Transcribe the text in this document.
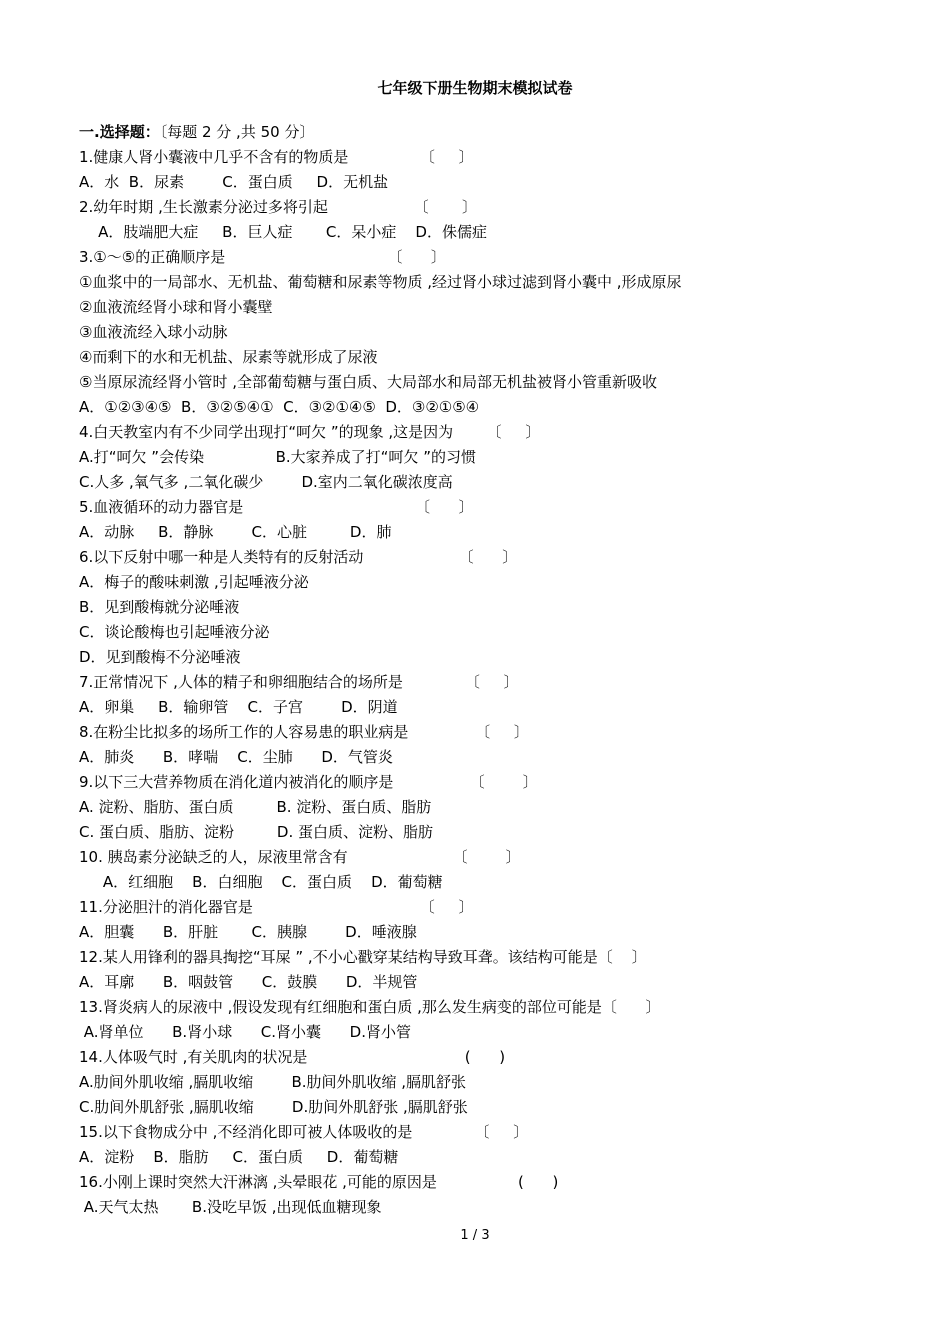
七年级下册生物期末模拟试卷
一.选择题：〔每题 2 分 ,共 50 分〕
1.健康人肾小囊液中几乎不含有的物质是               〔     〕
A．水  B．尿素        C．蛋白质     D．无机盐
2.幼年时期 ,生长激素分泌过多将引起                  〔       〕
A．肢端肥大症     B．巨人症       C．呆小症    D．侏儒症
3.①～⑤的正确顺序是                                  〔      〕
①血浆中的一局部水、无机盐、葡萄糖和尿素等物质 ,经过肾小球过滤到肾小囊中 ,形成原尿
②血液流经肾小球和肾小囊壁
③血液流经入球小动脉
④而剩下的水和无机盐、尿素等就形成了尿液
⑤当原尿流经肾小管时 ,全部葡萄糖与蛋白质、大局部水和局部无机盐被肾小管重新吸收
A．①②③④⑤  B．③②⑤④①  C．③②①④⑤  D．③②①⑤④
4.白天教室内有不少同学出现打“呵欠 ”的现象 ,这是因为       〔     〕
A.打“呵欠 ”会传染               B.大家养成了打“呵欠 ”的习惯
C.人多 ,氧气多 ,二氧化碳少        D.室内二氧化碳浓度高
5.血液循环的动力器官是                                    〔      〕
A．动脉     B．静脉        C．心脏         D．肺
6.以下反射中哪一种是人类特有的反射活动                    〔      〕
A．梅子的酸味刺激 ,引起唾液分泌
B．见到酸梅就分泌唾液
C．谈论酸梅也引起唾液分泌
D．见到酸梅不分泌唾液
7.正常情况下 ,人体的精子和卵细胞结合的场所是             〔     〕
A．卵巢     B．输卵管    C．子宫        D．阴道
8.在粉尘比拟多的场所工作的人容易患的职业病是              〔     〕
A．肺炎      B．哮喘    C．尘肺      D．气管炎
9.以下三大营养物质在消化道内被消化的顺序是                〔        〕
A. 淀粉、脂肪、蛋白质         B. 淀粉、蛋白质、脂肪
C. 蛋白质、脂肪、淀粉         D. 蛋白质、淀粉、脂肪
10. 胰岛素分泌缺乏的人，尿液里常含有                      〔        〕
A．红细胞    B．白细胞    C．蛋白质    D．葡萄糖
11.分泌胆汁的消化器官是                                   〔     〕
A．胆囊      B．肝脏       C．胰腺        D．唾液腺
12.某人用锋利的器具掏挖“耳屎 ” ,不小心戳穿某结构导致耳聋。该结构可能是〔    〕
A．耳廓      B．咽鼓管      C．鼓膜      D．半规管
13.肾炎病人的尿液中 ,假设发现有红细胞和蛋白质 ,那么发生病变的部位可能是〔      〕
A.肾单位      B.肾小球      C.肾小囊      D.肾小管
14.人体吸气时 ,有关肌肉的状况是                                 (      )
A.肋间外肌收缩 ,膈肌收缩        B.肋间外肌收缩 ,膈肌舒张
C.肋间外肌舒张 ,膈肌收缩        D.肋间外肌舒张 ,膈肌舒张
15.以下食物成分中 ,不经消化即可被人体吸收的是             〔     〕
A．淀粉    B．脂肪     C．蛋白质     D．葡萄糖
16.小刚上课时突然大汗淋漓 ,头晕眼花 ,可能的原因是                 (      )
A.天气太热       B.没吃早饭 ,出现低血糖现象
1 / 3
